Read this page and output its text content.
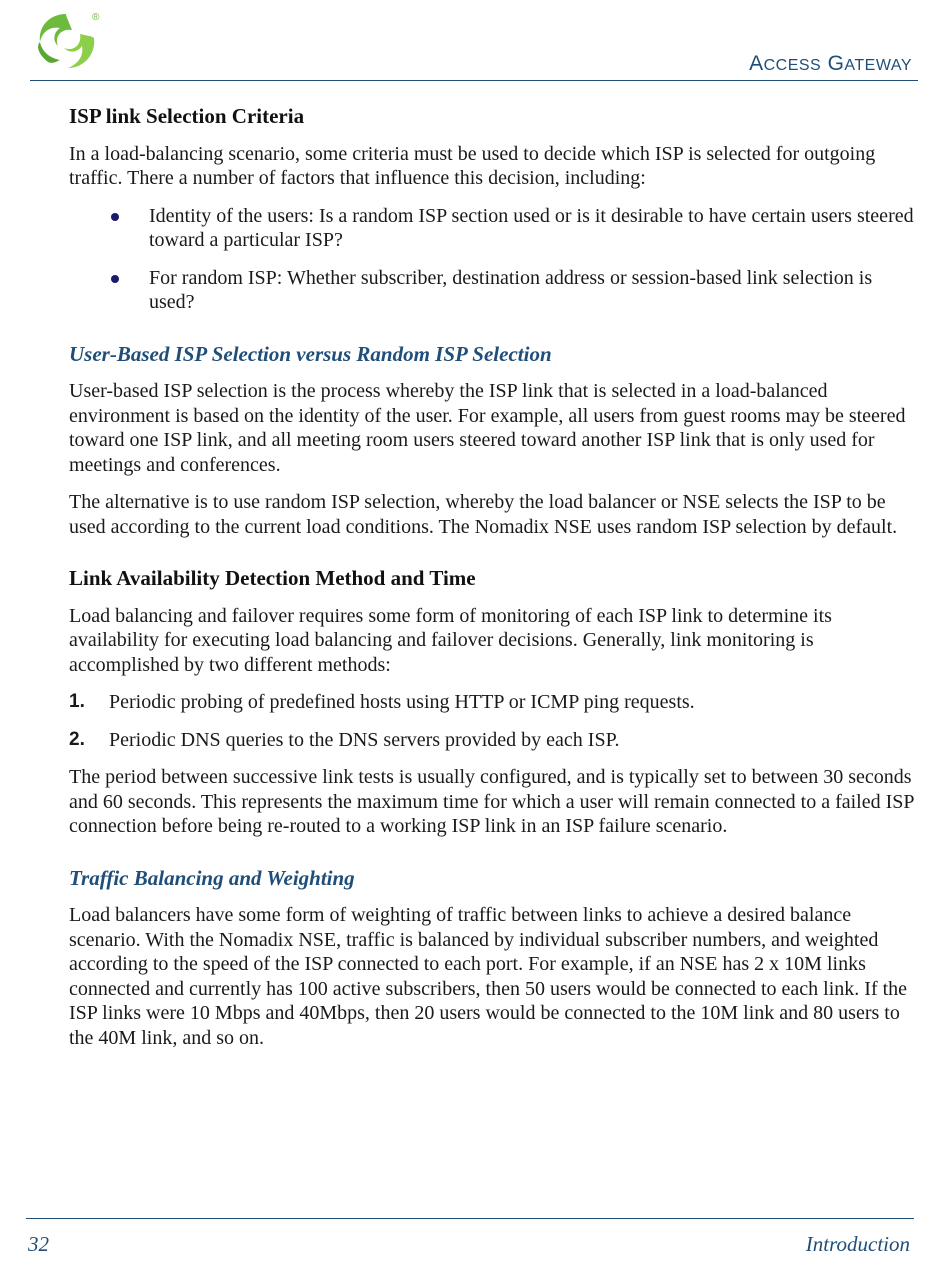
®
ACCESS GATEWAY
ISP link Selection Criteria

In a load-balancing scenario, some criteria must be used to decide which ISP is selected for outgoing traffic. There a number of factors that influence this decision, including:

Identity of the users: Is a random ISP section used or is it desirable to have certain users steered toward a particular ISP?
For random ISP: Whether subscriber, destination address or session-based link selection is used?
User-Based ISP Selection versus Random ISP Selection

User-based ISP selection is the process whereby the ISP link that is selected in a load-balanced environment is based on the identity of the user. For example, all users from guest rooms may be steered toward one ISP link, and all meeting room users steered toward another ISP link that is only used for meetings and conferences.

The alternative is to use random ISP selection, whereby the load balancer or NSE selects the ISP to be used according to the current load conditions. The Nomadix NSE uses random ISP selection by default.

Link Availability Detection Method and Time

Load balancing and failover requires some form of monitoring of each ISP link to determine its availability for executing load balancing and failover decisions. Generally, link monitoring is accomplished by two different methods:

1. Periodic probing of predefined hosts using HTTP or ICMP ping requests.
2. Periodic DNS queries to the DNS servers provided by each ISP.

The period between successive link tests is usually configured, and is typically set to between 30 seconds and 60 seconds. This represents the maximum time for which a user will remain connected to a failed ISP connection before being re-routed to a working ISP link in an ISP failure scenario.

Traffic Balancing and Weighting

Load balancers have some form of weighting of traffic between links to achieve a desired balance scenario. With the Nomadix NSE, traffic is balanced by individual subscriber numbers, and weighted according to the speed of the ISP connected to each port. For example, if an NSE has 2 x 10M links connected and currently has 100 active subscribers, then 50 users would be connected to each link. If the ISP links were 10 Mbps and 40Mbps, then 20 users would be connected to the 10M link and 80 users to the 40M link, and so on.

32	Introduction
